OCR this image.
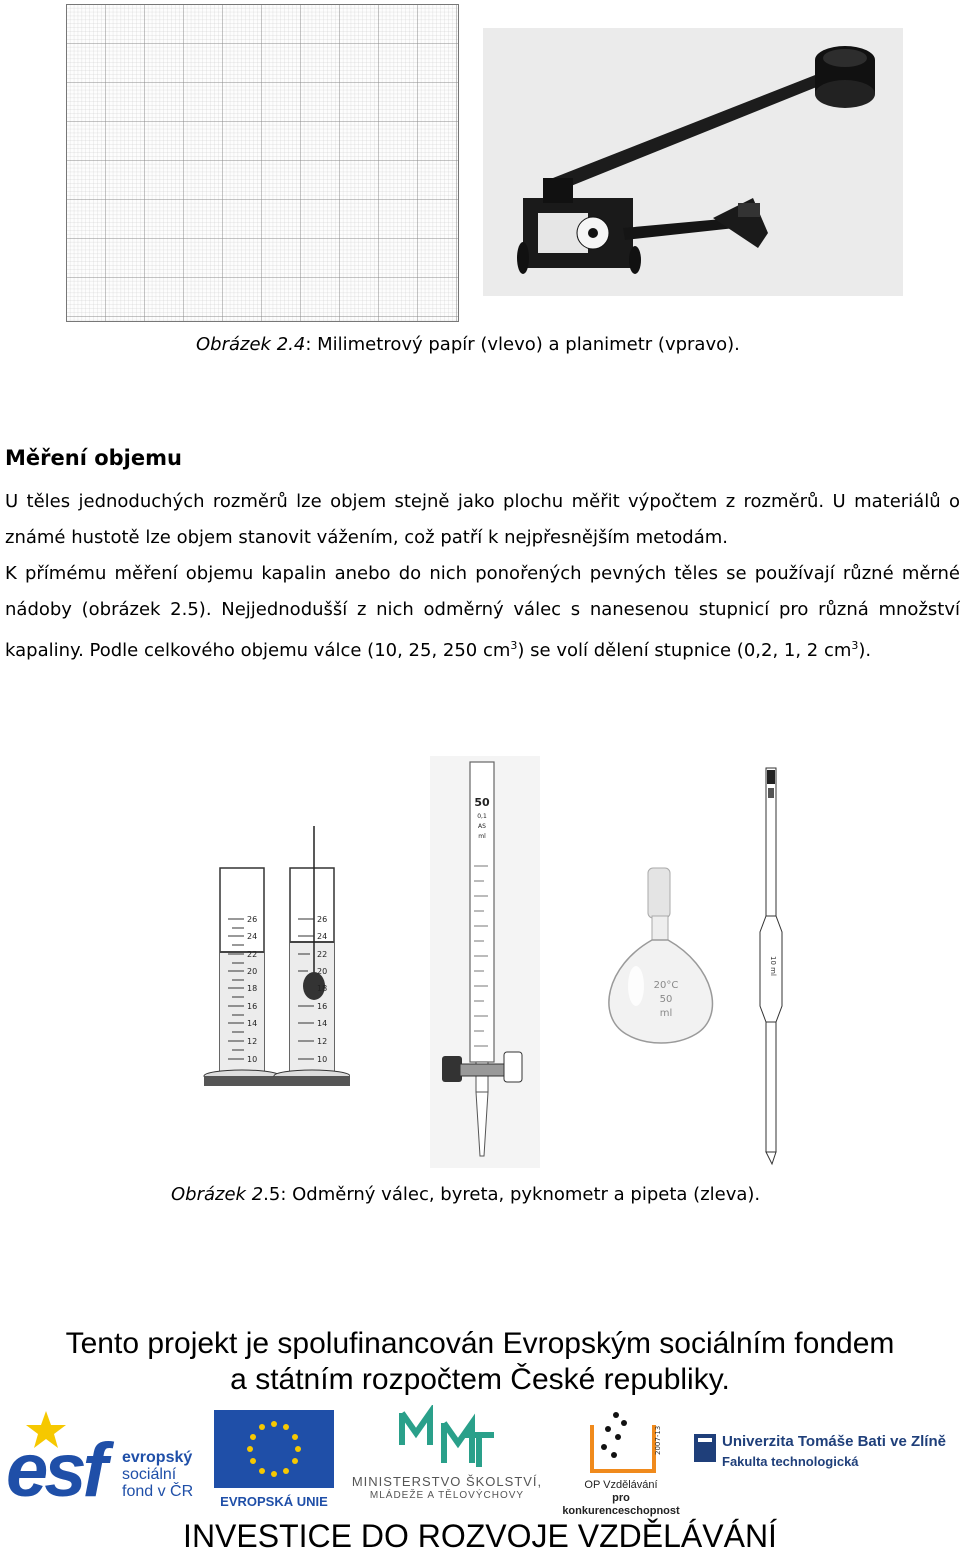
Obrázek 2.4: Milimetrový papír (vlevo) a planimetr (vpravo).
Měření objemu

U těles jednoduchých rozměrů lze objem stejně jako plochu měřit výpočtem z rozměrů. U materiálů o známé hustotě lze objem stanovit vážením, což patří k nejpřesnějším metodám.

K přímému měření objemu kapalin anebo do nich ponořených pevných těles se používají různé měrné nádoby (obrázek 2.5). Nejjednodušší z nich odměrný válec s nanesenou stupnicí pro různá množství kapaliny. Podle celkového objemu válce (10, 25, 250 $cm^3$) se volí dělení stupnice (0,2, 1, 2 $cm^3$).

26
24
22
20
18
16
14
12
10
26
24
22
20
16
14
12
10
18
50
0,1
AS
ml
20°C
50
ml
10 ml
Obrázek 2.5: Odměrný válec, byreta, pyknometr a pipeta (zleva).
Tento projekt je spolufinancován Evropským sociálním fondem
a státním rozpočtem České republiky.
esf evropský
sociální
fond v ČR
EVROPSKÁ UNIE
MINISTERSTVO ŠKOLSTVÍ,
MLÁDEŽE A TĚLOVÝCHOVY
2007-13
OP Vzdělávání
pro konkurenceschopnost
Univerzita Tomáše Bati ve Zlíně
Fakulta technologická
INVESTICE DO ROZVOJE VZDĚLÁVÁNÍ
